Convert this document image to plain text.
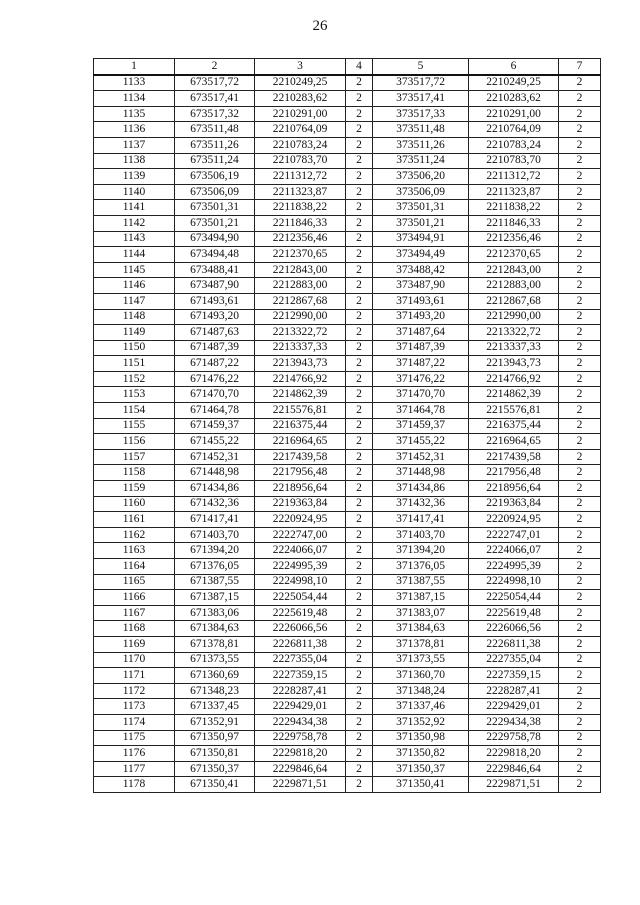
26
1	2	3	4	5	6	7
1133	673517,72	2210249,25	2	373517,72	2210249,25	2
1134	673517,41	2210283,62	2	373517,41	2210283,62	2
1135	673517,32	2210291,00	2	373517,33	2210291,00	2
1136	673511,48	2210764,09	2	373511,48	2210764,09	2
1137	673511,26	2210783,24	2	373511,26	2210783,24	2
1138	673511,24	2210783,70	2	373511,24	2210783,70	2
1139	673506,19	2211312,72	2	373506,20	2211312,72	2
1140	673506,09	2211323,87	2	373506,09	2211323,87	2
1141	673501,31	2211838,22	2	373501,31	2211838,22	2
1142	673501,21	2211846,33	2	373501,21	2211846,33	2
1143	673494,90	2212356,46	2	373494,91	2212356,46	2
1144	673494,48	2212370,65	2	373494,49	2212370,65	2
1145	673488,41	2212843,00	2	373488,42	2212843,00	2
1146	673487,90	2212883,00	2	373487,90	2212883,00	2
1147	671493,61	2212867,68	2	371493,61	2212867,68	2
1148	671493,20	2212990,00	2	371493,20	2212990,00	2
1149	671487,63	2213322,72	2	371487,64	2213322,72	2
1150	671487,39	2213337,33	2	371487,39	2213337,33	2
1151	671487,22	2213943,73	2	371487,22	2213943,73	2
1152	671476,22	2214766,92	2	371476,22	2214766,92	2
1153	671470,70	2214862,39	2	371470,70	2214862,39	2
1154	671464,78	2215576,81	2	371464,78	2215576,81	2
1155	671459,37	2216375,44	2	371459,37	2216375,44	2
1156	671455,22	2216964,65	2	371455,22	2216964,65	2
1157	671452,31	2217439,58	2	371452,31	2217439,58	2
1158	671448,98	2217956,48	2	371448,98	2217956,48	2
1159	671434,86	2218956,64	2	371434,86	2218956,64	2
1160	671432,36	2219363,84	2	371432,36	2219363,84	2
1161	671417,41	2220924,95	2	371417,41	2220924,95	2
1162	671403,70	2222747,00	2	371403,70	2222747,01	2
1163	671394,20	2224066,07	2	371394,20	2224066,07	2
1164	671376,05	2224995,39	2	371376,05	2224995,39	2
1165	671387,55	2224998,10	2	371387,55	2224998,10	2
1166	671387,15	2225054,44	2	371387,15	2225054,44	2
1167	671383,06	2225619,48	2	371383,07	2225619,48	2
1168	671384,63	2226066,56	2	371384,63	2226066,56	2
1169	671378,81	2226811,38	2	371378,81	2226811,38	2
1170	671373,55	2227355,04	2	371373,55	2227355,04	2
1171	671360,69	2227359,15	2	371360,70	2227359,15	2
1172	671348,23	2228287,41	2	371348,24	2228287,41	2
1173	671337,45	2229429,01	2	371337,46	2229429,01	2
1174	671352,91	2229434,38	2	371352,92	2229434,38	2
1175	671350,97	2229758,78	2	371350,98	2229758,78	2
1176	671350,81	2229818,20	2	371350,82	2229818,20	2
1177	671350,37	2229846,64	2	371350,37	2229846,64	2
1178	671350,41	2229871,51	2	371350,41	2229871,51	2
